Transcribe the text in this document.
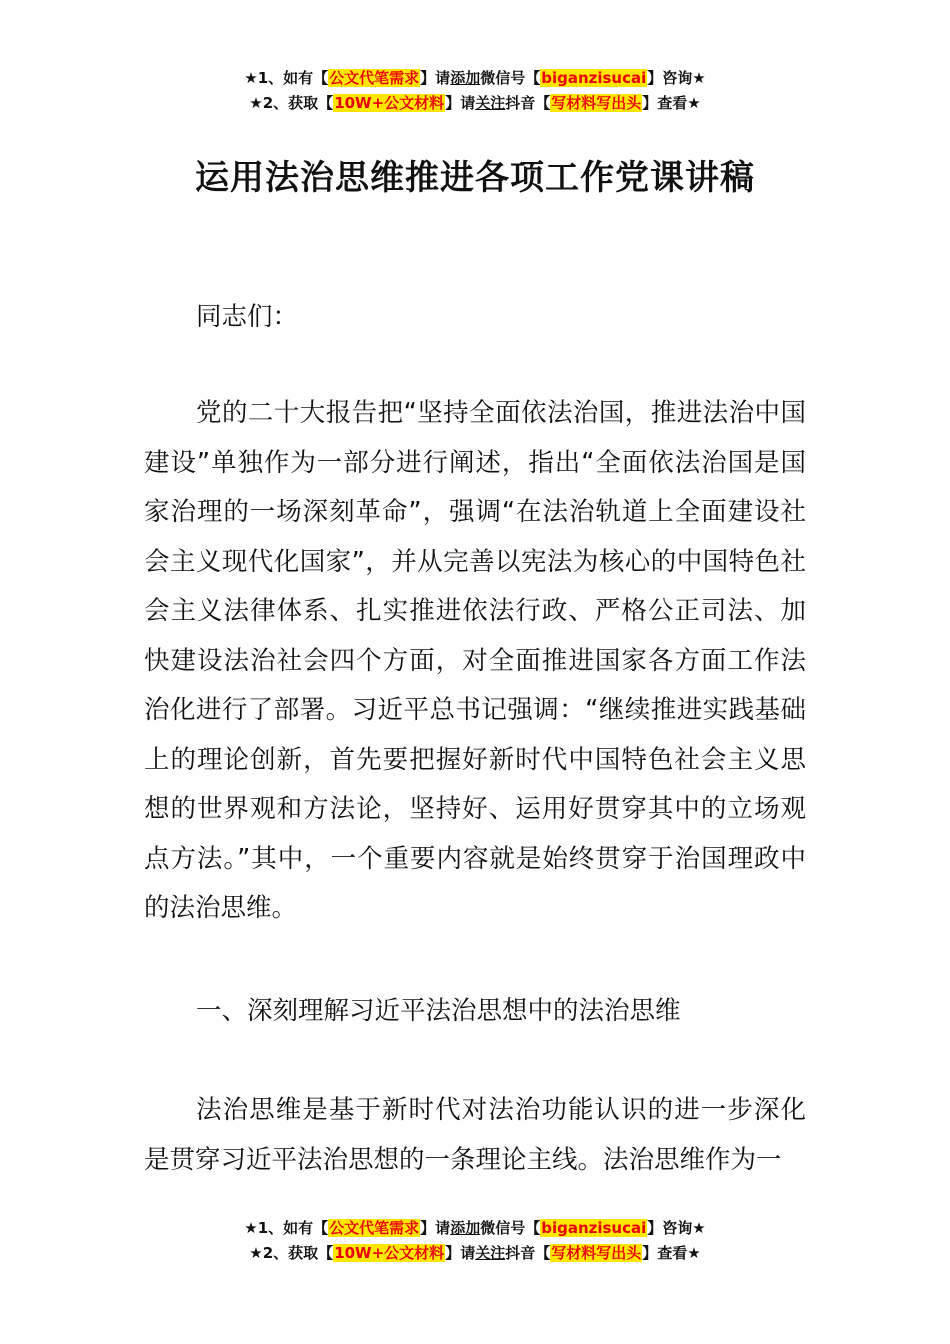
★1、如有【公文代笔需求】请添加微信号【biganzisucai】咨询★
★2、获取【10W+公文材料】请关注抖音【写材料写出头】查看★
运用法治思维推进各项工作党课讲稿

同志们：

党的二十大报告把“坚持全面依法治国，推进法治中国建设”单独作为一部分进行阐述，指出“全面依法治国是国家治理的一场深刻革命”，强调“在法治轨道上全面建设社会主义现代化国家”，并从完善以宪法为核心的中国特色社会主义法律体系、扎实推进依法行政、严格公正司法、加快建设法治社会四个方面，对全面推进国家各方面工作法治化进行了部署。习近平总书记强调：“继续推进实践基础上的理论创新，首先要把握好新时代中国特色社会主义思想的世界观和方法论，坚持好、运用好贯穿其中的立场观点方法。”其中，一个重要内容就是始终贯穿于治国理政中的法治思维。

一、深刻理解习近平法治思想中的法治思维

法治思维是基于新时代对法治功能认识的进一步深化是贯穿习近平法治思想的一条理论主线。法治思维作为一

★1、如有【公文代笔需求】请添加微信号【biganzisucai】咨询★
★2、获取【10W+公文材料】请关注抖音【写材料写出头】查看★
